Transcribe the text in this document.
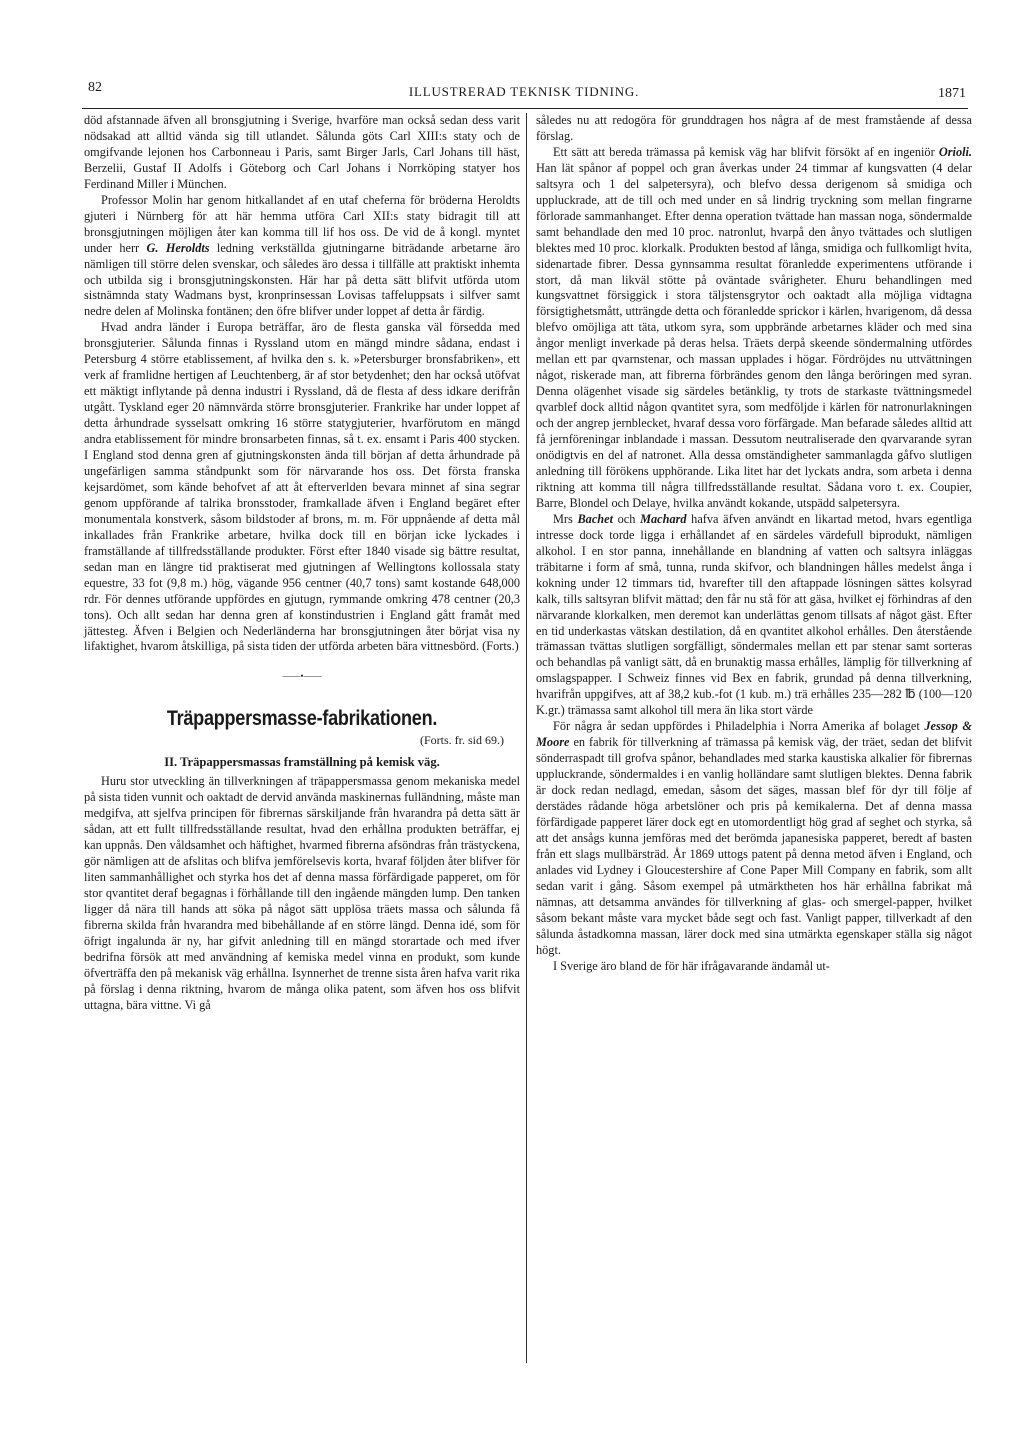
82	ILLUSTRERAD TEKNISK TIDNING.	1871

död afstannade äfven all bronsgjutning i Sverige, hvarföre man också sedan dess varit nödsakad att alltid vända sig till utlandet. Sålunda göts Carl XIII:s staty och de omgifvande lejonen hos Carbonneau i Paris, samt Birger Jarls, Carl Johans till häst, Berzelii, Gustaf II Adolfs i Göteborg och Carl Johans i Norrköping statyer hos Ferdinand Miller i München.

Professor Molin har genom hitkallandet af en utaf cheferna för bröderna Heroldts gjuteri i Nürnberg för att här hemma utföra Carl XII:s staty bidragit till att bronsgjutningen möjligen åter kan komma till lif hos oss. De vid de å kongl. myntet under herr G. Heroldts ledning verkställda gjutningarne biträdande arbetarne äro nämligen till större delen svenskar, och således äro dessa i tillfälle att praktiskt inhemta och utbilda sig i bronsgjutningskonsten. Här har på detta sätt blifvit utförda utom sistnämnda staty Wadmans byst, kronprinsessan Lovisas taffeluppsats i silfver samt nedre delen af Molinska fontänen; den öfre blifver under loppet af detta år färdig.

Hvad andra länder i Europa beträffar, äro de flesta ganska väl försedda med bronsgjuterier. Sålunda finnas i Ryssland utom en mängd mindre sådana, endast i Petersburg 4 större etablissement, af hvilka den s. k. »Petersburger bronsfabriken», ett verk af framlidne hertigen af Leuchtenberg, är af stor betydenhet; den har också utöfvat ett mäktigt inflytande på denna industri i Ryssland, då de flesta af dess idkare derifrån utgått. Tyskland eger 20 nämnvärda större bronsgjuterier. Frankrike har under loppet af detta århundrade sysselsatt omkring 16 större statygjuterier, hvarförutom en mängd andra etablissement för mindre bronsarbeten finnas, så t. ex. ensamt i Paris 400 stycken. I England stod denna gren af gjutningskonsten ända till början af detta århundrade på ungefärligen samma ståndpunkt som för närvarande hos oss. Det första franska kejsardömet, som kände behofvet af att åt efterverlden bevara minnet af sina segrar genom uppförande af talrika bronsstoder, framkallade äfven i England begäret efter monumentala konstverk, såsom bildstoder af brons, m. m. För uppnående af detta mål inkallades från Frankrike arbetare, hvilka dock till en början icke lyckades i framställande af tillfredsställande produkter. Först efter 1840 visade sig bättre resultat, sedan man en längre tid praktiserat med gjutningen af Wellingtons kollossala staty equestre, 33 fot (9,8 m.) hög, vägande 956 centner (40,7 tons) samt kostande 648,000 rdr. För dennes utförande uppfördes en gjutugn, rymmande omkring 478 centner (20,3 tons). Och allt sedan har denna gren af konstindustrien i England gått framåt med jättesteg. Äfven i Belgien och Nederländerna har bronsgjutningen åter börjat visa ny lifaktighet, hvarom åtskilliga, på sista tiden der utförda arbeten bära vittnesbörd. (Forts.)

——•——
Träpappersmasse-fabrikationen.
(Forts. fr. sid 69.)
II. Träpappersmassas framställning på kemisk väg.

Huru stor utveckling än tillverkningen af träpappersmassa genom mekaniska medel på sista tiden vunnit och oaktadt de dervid använda maskinernas fulländning, måste man medgifva, att sjelfva principen för fibrernas särskiljande från hvarandra på detta sätt är sådan, att ett fullt tillfredsställande resultat, hvad den erhållna produkten beträffar, ej kan uppnås. Den våldsamhet och häftighet, hvarmed fibrerna afsöndras från trästyckena, gör nämligen att de afslitas och blifva jemförelsevis korta, hvaraf följden åter blifver för liten sammanhållighet och styrka hos det af denna massa förfärdigade papperet, om för stor qvantitet deraf begagnas i förhållande till den ingående mängden lump. Den tanken ligger då nära till hands att söka på något sätt upplösa träets massa och sålunda få fibrerna skilda från hvarandra med bibehållande af en större längd. Denna idé, som för öfrigt ingalunda är ny, har gifvit anledning till en mängd storartade och med ifver bedrifna försök att med användning af kemiska medel vinna en produkt, som kunde öfverträffa den på mekanisk väg erhållna. Isynnerhet de trenne sista åren hafva varit rika på förslag i denna riktning, hvarom de många olika patent, som äfven hos oss blifvit uttagna, bära vittne. Vi gå

således nu att redogöra för grunddragen hos några af de mest framstående af dessa förslag.

Ett sätt att bereda trämassa på kemisk väg har blifvit försökt af en ingeniör Orioli. Han lät spånor af poppel och gran åverkas under 24 timmar af kungsvatten (4 delar saltsyra och 1 del salpetersyra), och blefvo dessa derigenom så smidiga och uppluckrade, att de till och med under en så lindrig tryckning som mellan fingrarne förlorade sammanhanget. Efter denna operation tvättade han massan noga, söndermalde samt behandlade den med 10 proc. natronlut, hvarpå den ånyo tvättades och slutligen blektes med 10 proc. klorkalk. Produkten bestod af långa, smidiga och fullkomligt hvita, sidenartade fibrer. Dessa gynnsamma resultat föranledde experimentens utförande i stort, då man likväl stötte på oväntade svårigheter. Ehuru behandlingen med kungsvattnet försiggick i stora täljstensgrytor och oaktadt alla möjliga vidtagna försigtighetsmått, utträngde detta och föranledde sprickor i kärlen, hvarigenom, då dessa blefvo omöjliga att täta, utkom syra, som uppbrände arbetarnes kläder och med sina ångor menligt inverkade på deras helsa. Träets derpå skeende söndermalning utfördes mellan ett par qvarnstenar, och massan upplades i högar. Fördröjdes nu uttvättningen något, riskerade man, att fibrerna förbrändes genom den långa beröringen med syran. Denna olägenhet visade sig särdeles betänklig, ty trots de starkaste tvättningsmedel qvarblef dock alltid någon qvantitet syra, som medföljde i kärlen för natronurlakningen och der angrep jernblecket, hvaraf dessa voro förfärgade. Man befarade således alltid att få jernföreningar inblandade i massan. Dessutom neutraliserade den qvarvarande syran onödigtvis en del af natronet. Alla dessa omständigheter sammanlagda gåfvo slutligen anledning till förökens upphörande. Lika litet har det lyckats andra, som arbeta i denna riktning att komma till några tillfredsställande resultat. Sådana voro t. ex. Coupier, Barre, Blondel och Delaye, hvilka användt kokande, utspädd salpetersyra.

Mrs Bachet och Machard hafva äfven användt en likartad metod, hvars egentliga intresse dock torde ligga i erhållandet af en särdeles värdefull biprodukt, nämligen alkohol. I en stor panna, innehållande en blandning af vatten och saltsyra inläggas träbitarne i form af små, tunna, runda skifvor, och blandningen hålles medelst ånga i kokning under 12 timmars tid, hvarefter till den aftappade lösningen sättes kolsyrad kalk, tills saltsyran blifvit mättad; den får nu stå för att gäsa, hvilket ej förhindras af den närvarande klorkalken, men deremot kan underlättas genom tillsats af något gäst. Efter en tid underkastas vätskan destilation, då en qvantitet alkohol erhålles. Den återstående trämassan tvättas slutligen sorgfälligt, söndermales mellan ett par stenar samt sorteras och behandlas på vanligt sätt, då en brunaktig massa erhålles, lämplig för tillverkning af omslagspapper. I Schweiz finnes vid Bex en fabrik, grundad på denna tillverkning, hvarifrån uppgifves, att af 38,2 kub.-fot (1 kub. m.) trä erhålles 235—282 ℔ (100—120 K.gr.) trämassa samt alkohol till mera än lika stort värde

För några år sedan uppfördes i Philadelphia i Norra Amerika af bolaget Jessop & Moore en fabrik för tillverkning af trämassa på kemisk väg, der träet, sedan det blifvit sönderraspadt till grofva spånor, behandlades med starka kaustiska alkalier för fibrernas uppluckrande, söndermaldes i en vanlig holländare samt slutligen blektes. Denna fabrik är dock redan nedlagd, emedan, såsom det säges, massan blef för dyr till följe af derstädes rådande höga arbetslöner och pris på kemikalerna. Det af denna massa förfärdigade papperet lärer dock egt en utomordentligt hög grad af seghet och styrka, så att det ansågs kunna jemföras med det berömda japanesiska papperet, beredt af basten från ett slags mullbärsträd. År 1869 uttogs patent på denna metod äfven i England, och anlades vid Lydney i Gloucestershire af Cone Paper Mill Company en fabrik, som allt sedan varit i gång. Såsom exempel på utmärktheten hos här erhållna fabrikat må nämnas, att detsamma användes för tillverkning af glas- och smergel-papper, hvilket såsom bekant måste vara mycket både segt och fast. Vanligt papper, tillverkadt af den sålunda åstadkomna massan, lärer dock med sina utmärkta egenskaper ställa sig något högt.

I Sverige äro bland de för här ifrågavarande ändamål ut-
